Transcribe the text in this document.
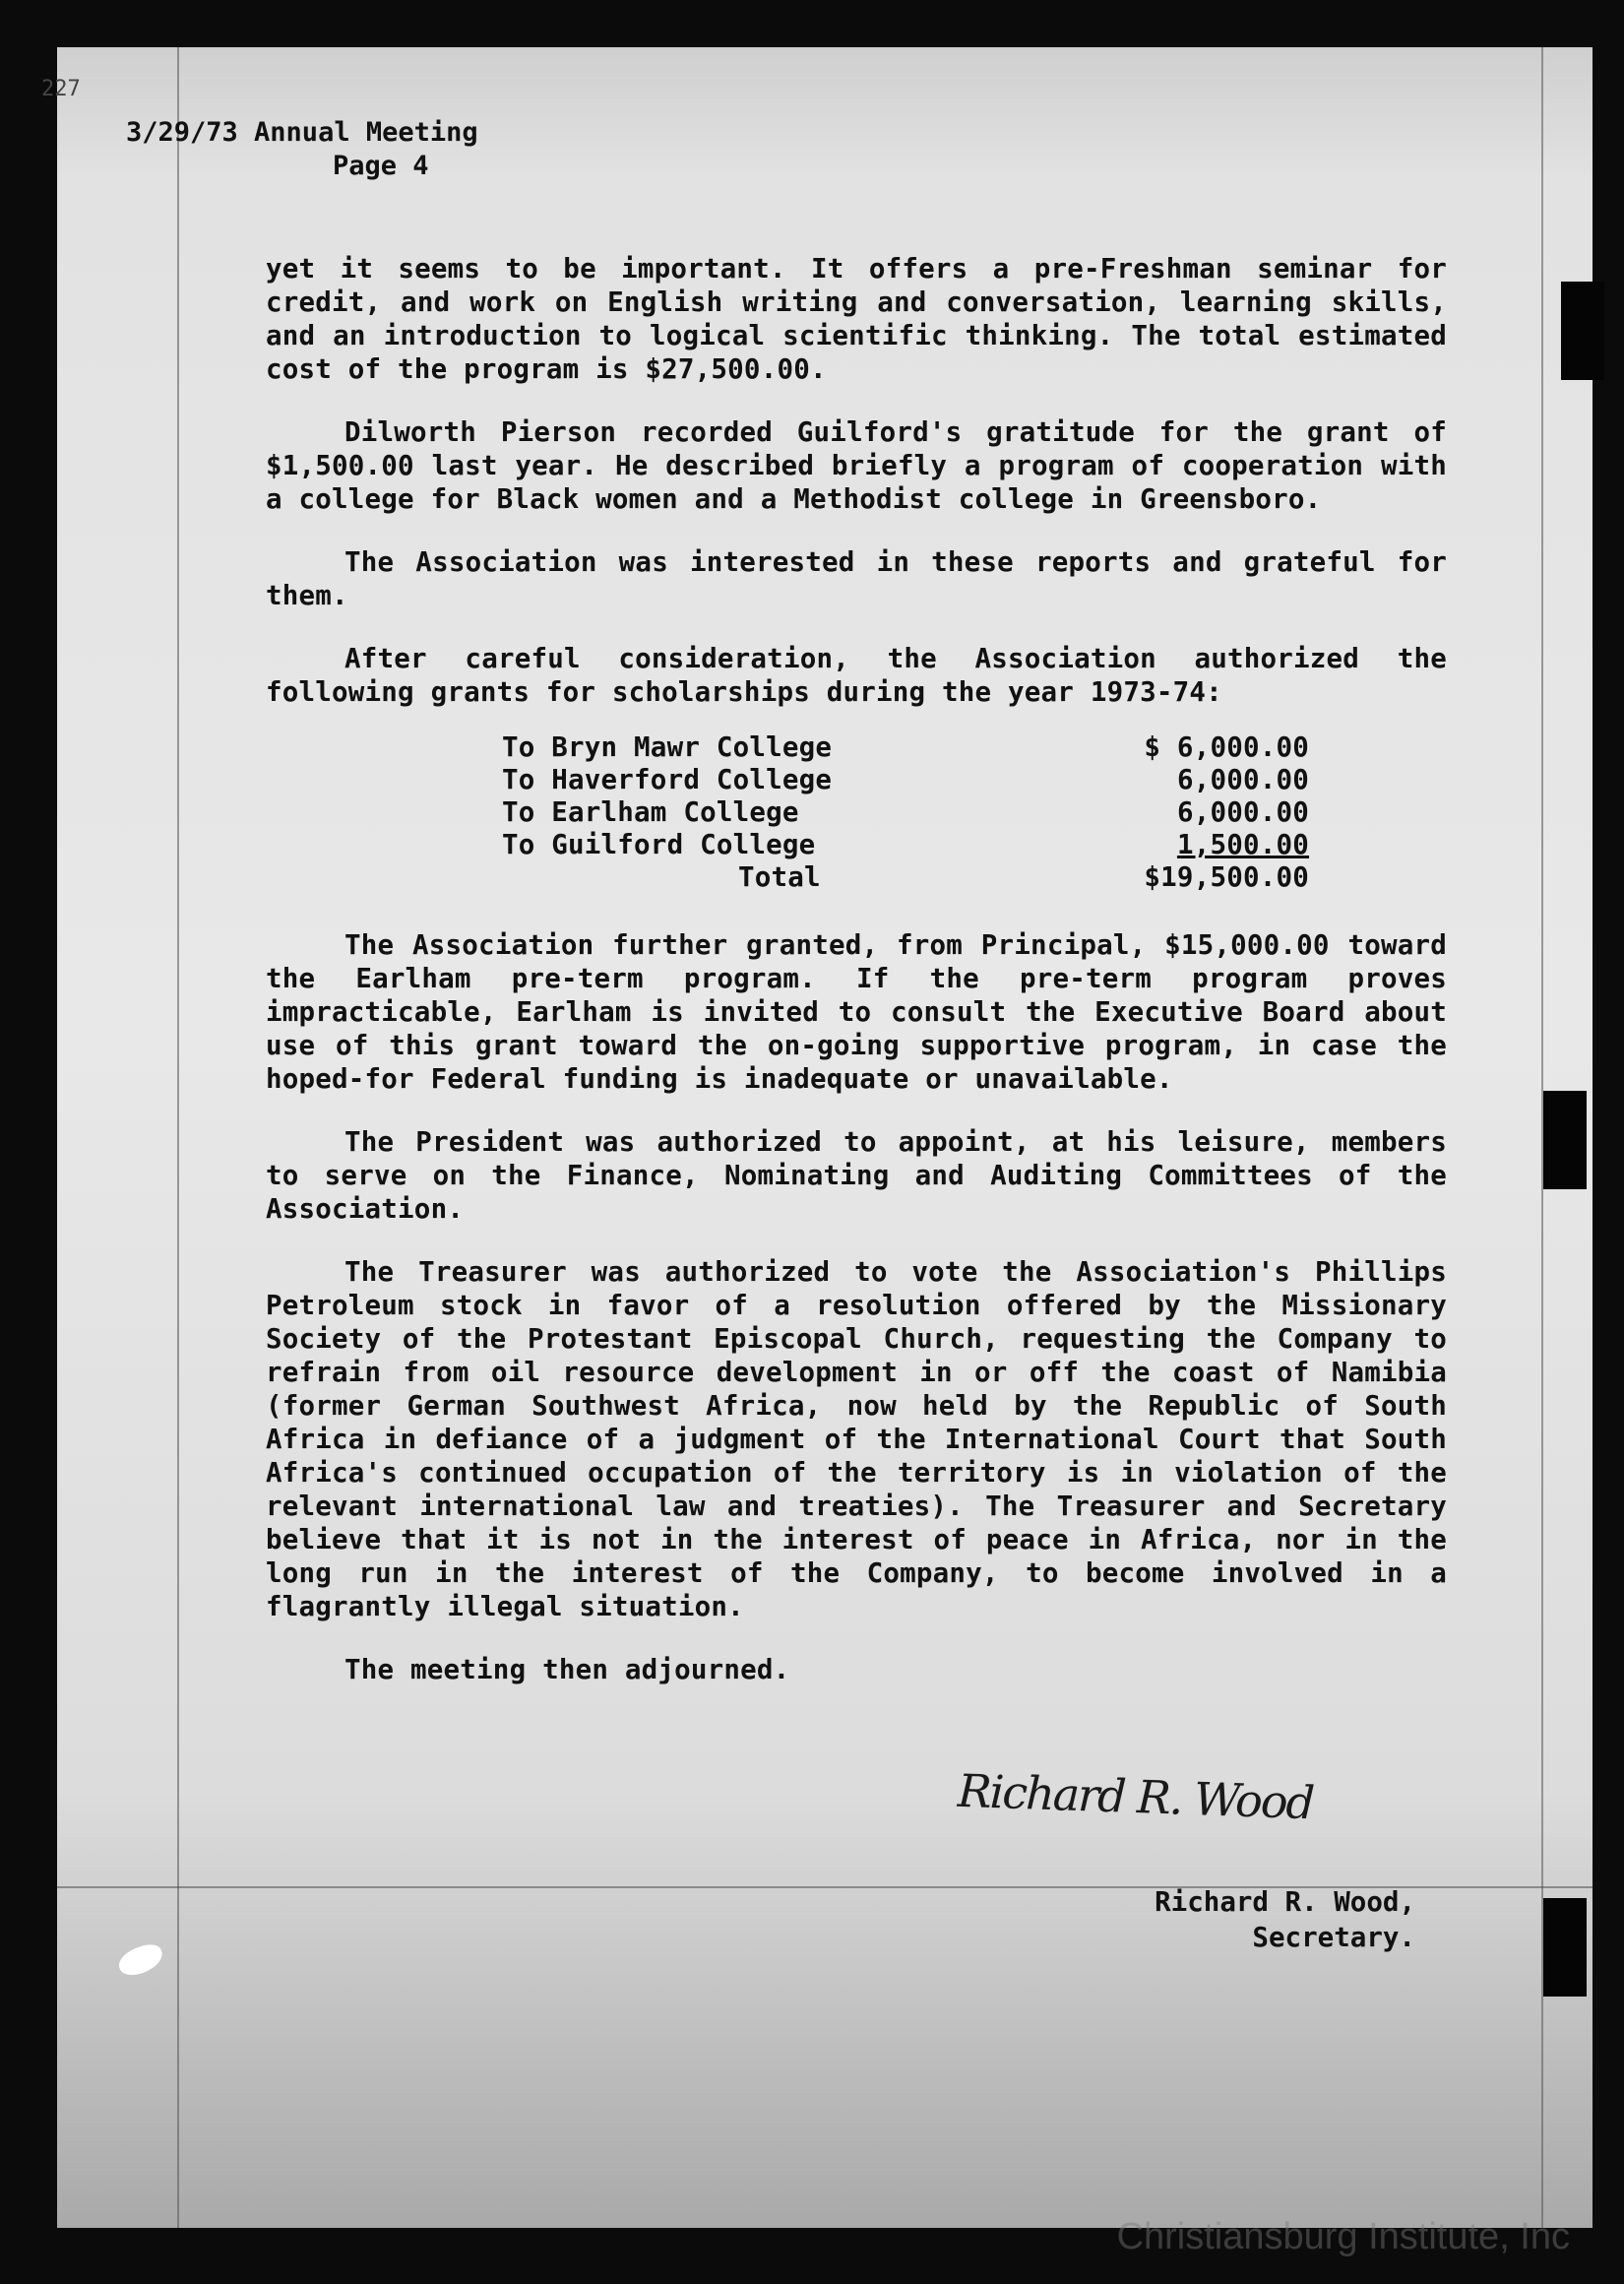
227
3/29/73 Annual Meeting
Page 4

yet it seems to be important. It offers a pre-Freshman seminar for credit, and work on English writing and conversation, learning skills, and an introduction to logical scientific thinking. The total estimated cost of the program is $27,500.00.

Dilworth Pierson recorded Guilford's gratitude for the grant of $1,500.00 last year. He described briefly a program of cooperation with a college for Black women and a Methodist college in Greensboro.

The Association was interested in these reports and grateful for them.

After careful consideration, the Association authorized the following grants for scholarships during the year 1973-74:

To Bryn Mawr College	$ 6,000.00
To Haverford College	6,000.00
To Earlham College	6,000.00
To Guilford College	1,500.00
Total	$19,500.00

The Association further granted, from Principal, $15,000.00 toward the Earlham pre-term program. If the pre-term program proves impracticable, Earlham is invited to consult the Executive Board about use of this grant toward the on-going supportive program, in case the hoped-for Federal funding is inadequate or unavailable.

The President was authorized to appoint, at his leisure, members to serve on the Finance, Nominating and Auditing Committees of the Association.

The Treasurer was authorized to vote the Association's Phillips Petroleum stock in favor of a resolution offered by the Missionary Society of the Protestant Episcopal Church, requesting the Company to refrain from oil resource development in or off the coast of Namibia (former German Southwest Africa, now held by the Republic of South Africa in defiance of a judgment of the International Court that South Africa's continued occupation of the territory is in violation of the relevant international law and treaties). The Treasurer and Secretary believe that it is not in the interest of peace in Africa, nor in the long run in the interest of the Company, to become involved in a flagrantly illegal situation.

The meeting then adjourned.

Richard R. Wood
Richard R. Wood,
Secretary.
Christiansburg Institute, Inc
